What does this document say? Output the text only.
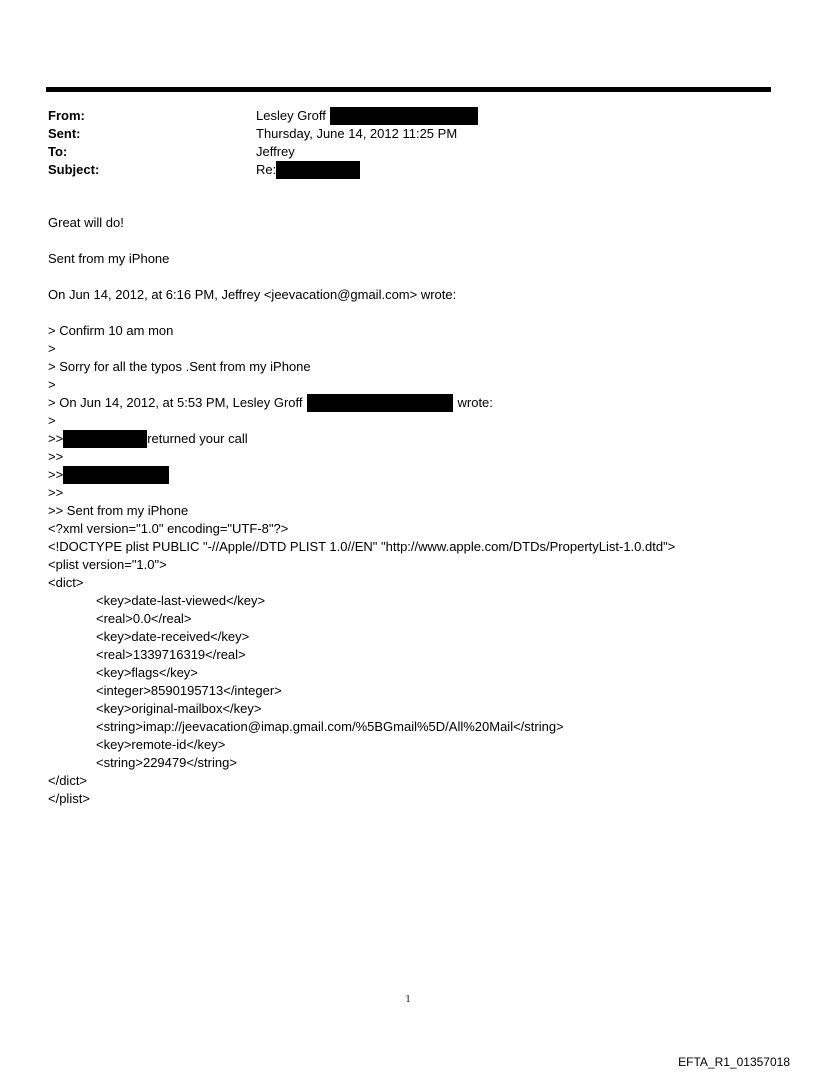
From:	Lesley Groff
Sent:	Thursday, June 14, 2012 11:25 PM
To:	Jeffrey
Subject:	Re:
Great will do!
Sent from my iPhone
On Jun 14, 2012, at 6:16 PM, Jeffrey <jeevacation@gmail.com> wrote:
> Confirm 10 am mon
>
> Sorry for all the typos .Sent from my iPhone
>
> On Jun 14, 2012, at 5:53 PM, Lesley Groff	wrote:
>
>>	returned your call
>>
>>
>>
>> Sent from my iPhone
<?xml version="1.0" encoding="UTF-8"?>
<!DOCTYPE plist PUBLIC "-//Apple//DTD PLIST 1.0//EN" "http://www.apple.com/DTDs/PropertyList-1.0.dtd">
<plist version="1.0">
<dict>
<key>date-last-viewed</key>
<real>0.0</real>
<key>date-received</key>
<real>1339716319</real>
<key>flags</key>
<integer>8590195713</integer>
<key>original-mailbox</key>
<string>imap://jeevacation@imap.gmail.com/%5BGmail%5D/All%20Mail</string>
<key>remote-id</key>
<string>229479</string>
</dict>
</plist>
1
EFTA_R1_01357018
